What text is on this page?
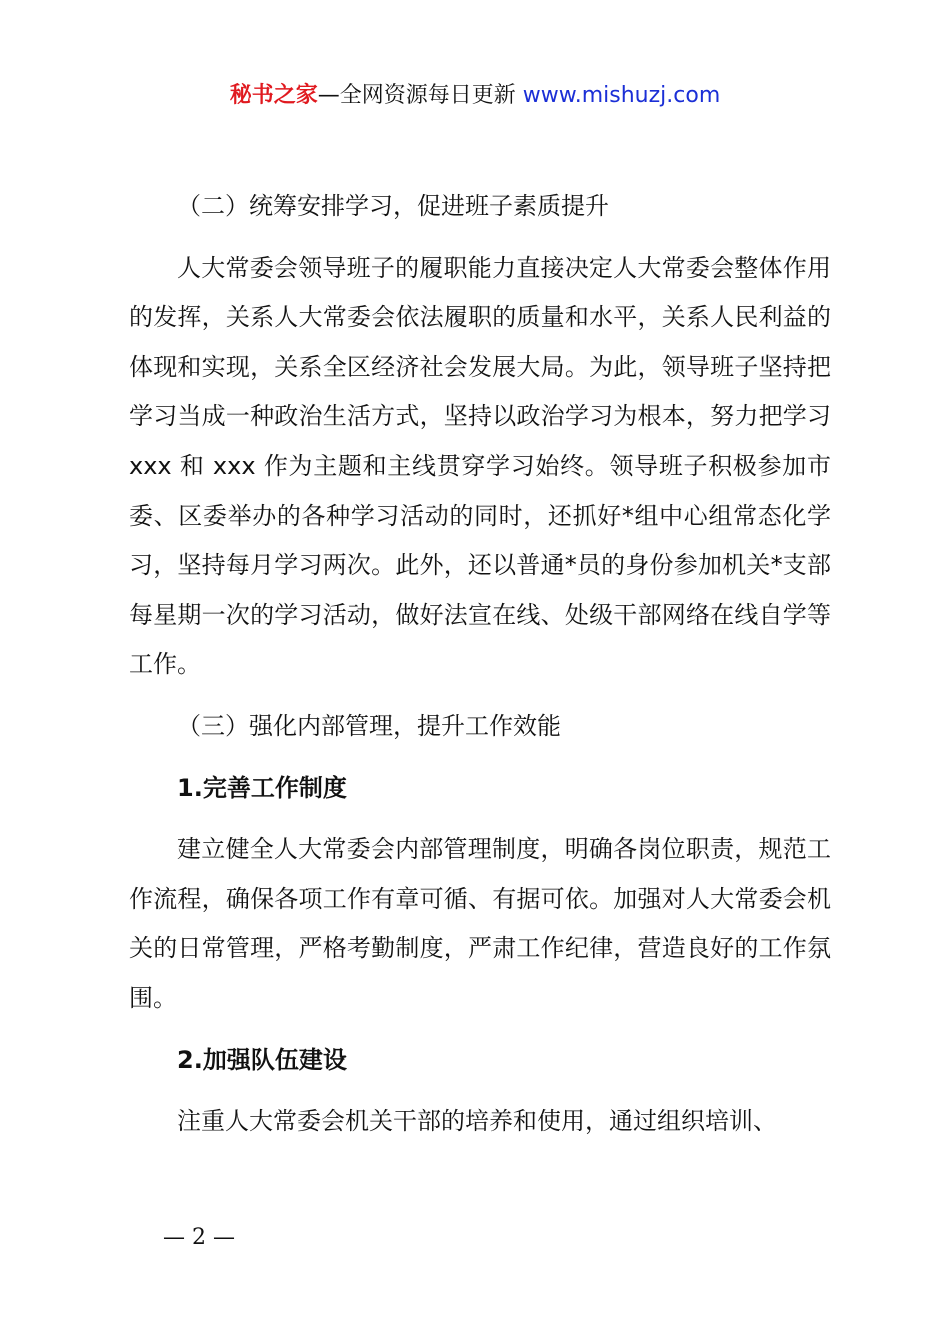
秘书之家—全网资源每日更新 www.mishuzj.com

（二）统筹安排学习，促进班子素质提升

人大常委会领导班子的履职能力直接决定人大常委会整体作用的发挥，关系人大常委会依法履职的质量和水平，关系人民利益的体现和实现，关系全区经济社会发展大局。为此，领导班子坚持把学习当成一种政治生活方式，坚持以政治学习为根本，努力把学习 xxx 和 xxx 作为主题和主线贯穿学习始终。领导班子积极参加市委、区委举办的各种学习活动的同时，还抓好*组中心组常态化学习，坚持每月学习两次。此外，还以普通*员的身份参加机关*支部每星期一次的学习活动，做好法宣在线、处级干部网络在线自学等工作。

（三）强化内部管理，提升工作效能

1.完善工作制度

建立健全人大常委会内部管理制度，明确各岗位职责，规范工作流程，确保各项工作有章可循、有据可依。加强对人大常委会机关的日常管理，严格考勤制度，严肃工作纪律，营造良好的工作氛围。

2.加强队伍建设

注重人大常委会机关干部的培养和使用，通过组织培训、

— 2 —
